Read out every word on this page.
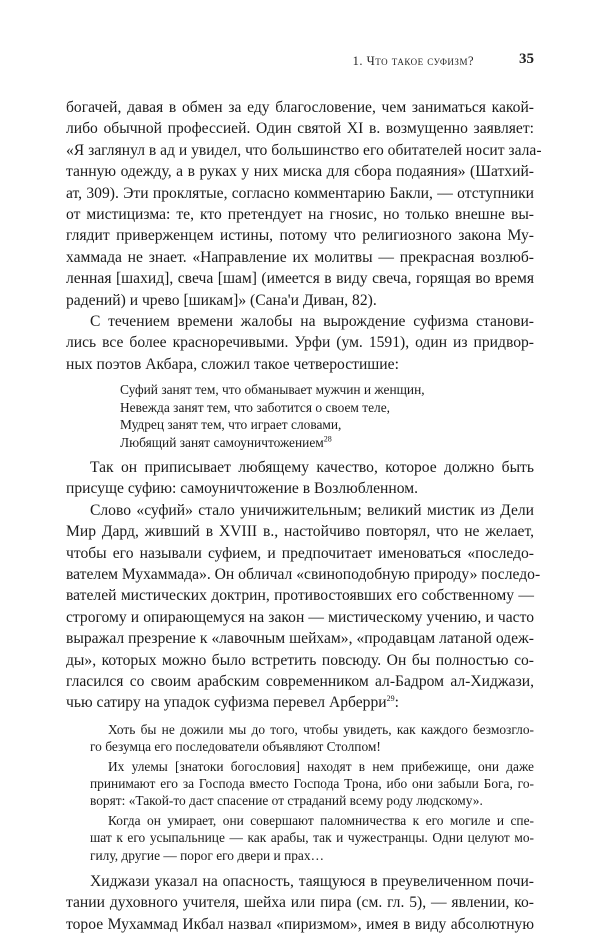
1. Что такое суфизм?	35
богачей, давая в обмен за еду благословение, чем заниматься какой-
либо обычной профессией. Один святой XI в. возмущенно заявляет:
«Я заглянул в ад и увидел, что большинство его обитателей носит зала-
танную одежду, а в руках у них миска для сбора подаяния» (Шатхий-
ат, 309). Эти проклятые, согласно комментарию Бакли, — отступники
от мистицизма: те, кто претендует на гнosис, но только внешне вы-
глядит приверженцем истины, потому что религиозного закона Му-
хаммада не знает. «Направление их молитвы — прекрасная возлюб-
ленная [шахид], свеча [шам] (имеется в виду свеча, горящая во время
радений) и чрево [шикам]» (Сана'и Диван, 82).
С течением времени жалобы на вырождение суфизма станови-
лись все более красноречивыми. Урфи (ум. 1591), один из придвор-
ных поэтов Акбара, сложил такое четверостишие:
Суфий занят тем, что обманывает мужчин и женщин,
Невежда занят тем, что заботится о своем теле,
Мудрец занят тем, что играет словами,
Любящий занят самоуничтожением$^{28}$
Так он приписывает любящему качество, которое должно быть
присуще суфию: самоуничтожение в Возлюбленном.
Слово «суфий» стало уничижительным; великий мистик из Дели
Мир Дард, живший в XVIII в., настойчиво повторял, что не желает,
чтобы его называли суфием, и предпочитает именоваться «последо-
вателем Мухаммада». Он обличал «свиноподобную природу» последо-
вателей мистических доктрин, противостоявших его собственному —
строгому и опирающемуся на закон — мистическому учению, и часто
выражал презрение к «лавочным шейхам», «продавцам латаной одеж-
ды», которых можно было встретить повсюду. Он бы полностью со-
гласился со своим арабским современником ал-Бадром ал-Хиджази,
чью сатиру на упадок суфизма перевел Арберри$^{29}$:
Хоть бы не дожили мы до того, чтобы увидеть, как каждого безмозгло-
го безумца его последователи объявляют Столпом!
Их улемы [знатоки богословия] находят в нем прибежище, они даже
принимают его за Господа вместо Господа Трона, ибо они забыли Бога, го-
ворят: «Такой-то даст спасение от страданий всему роду людскому».
Когда он умирает, они совершают паломничества к его могиле и спе-
шат к его усыпальнице — как арабы, так и чужестранцы. Одни целуют мо-
гилу, другие — порог его двери и прах…
Хиджази указал на опасность, таящуюся в преувеличенном почи-
тании духовного учителя, шейха или пира (см. гл. 5), — явлении, ко-
торое Мухаммад Икбал назвал «пиризмом», имея в виду абсолютную
